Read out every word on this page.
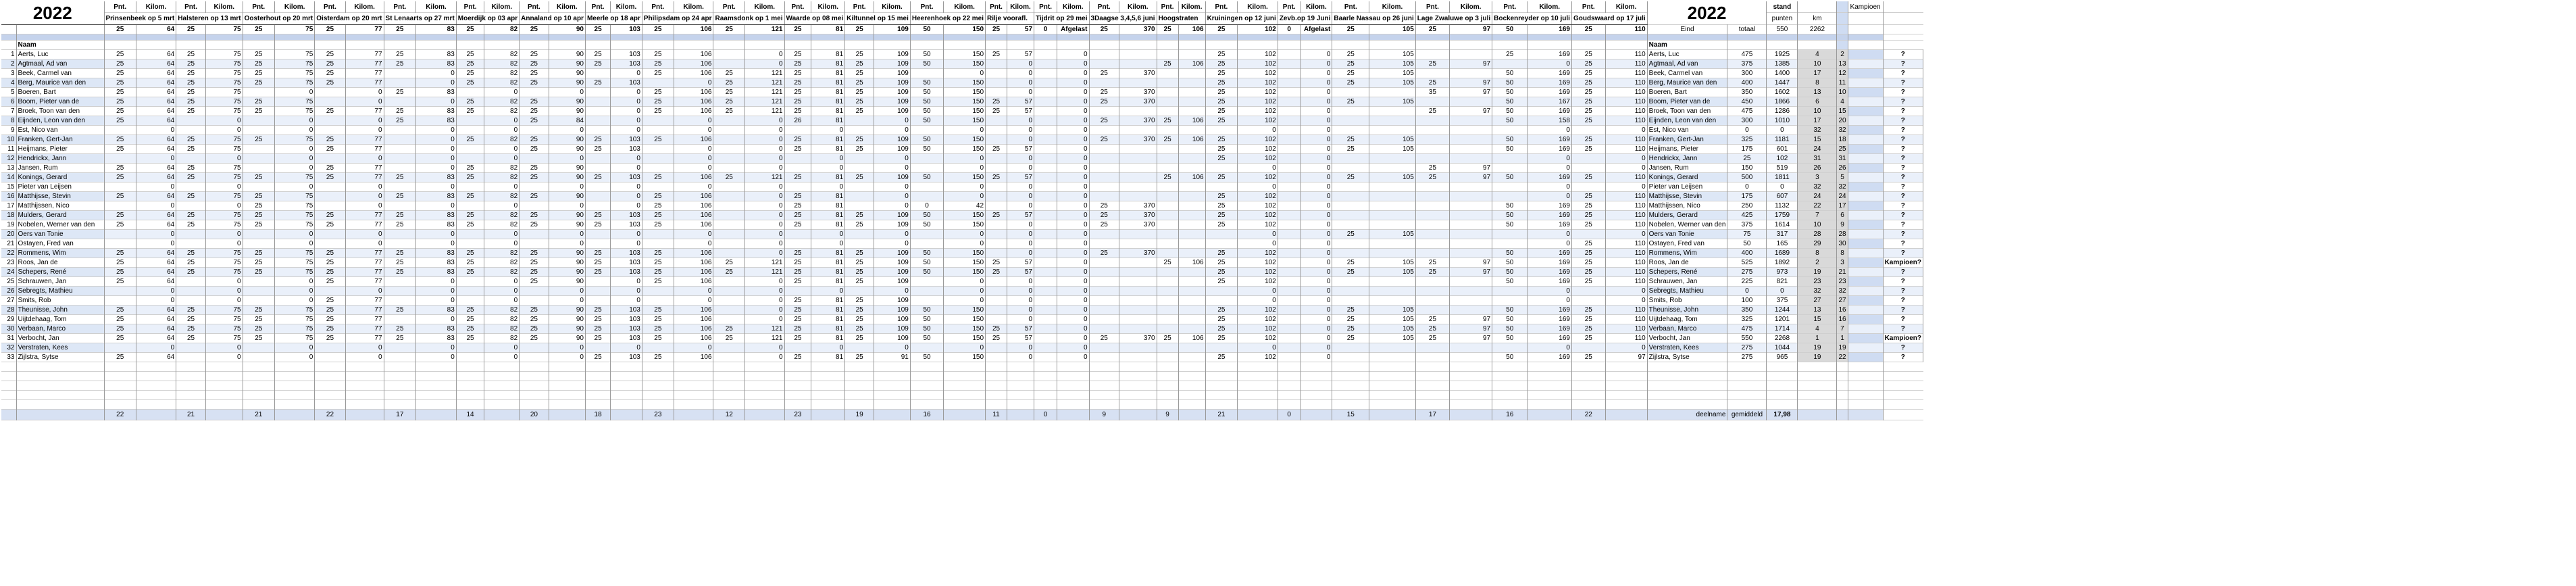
2022		Pnt.	Kilom.	Pnt.	Kilom.	Pnt.	Kilom.	Pnt.	Kilom.	Pnt.	Kilom.	Pnt.	Kilom.	Pnt.	Kilom.	Pnt.	Kilom.	Pnt.	Kilom.	Pnt.	Kilom.	Pnt.	Kilom.	Pnt.	Kilom.	Pnt.	Kilom.	Pnt.	Kilom.	Pnt.	Kilom.	Pnt.	Kilom.	Pnt.	Kilom.	Pnt.	Kilom.	Pnt.	Kilom.	Pnt.	Kilom.	Pnt.	Kilom.	Pnt.	Kilom.	Pnt.	Kilom.	2022		stand			Kampioen	
		Prinsenbeek op 5 mrt		Halsteren op 13 mrt		Oosterhout op 20 mrt		Oisterdam op 20 mrt		St Lenaarts op 27 mrt		Moerdijk op 03 apr		Annaland op 10 apr		Meerle op 18 apr		Philipsdam op 24 apr		Raamsdonk op 1 mei		Waarde op 08 mei		Kiltunnel op 15 mei		Heerenhoek op 22 mei		Rilje voorafl.		Tijdrit op 29 mei		3Daagse 3,4,5,6 juni		Hoogstraten		Kruiningen op 12 juni		Zevb.op 19 Juni		Baarle Nassau op 26 juni		Lage Zwaluwe op 3 juli		Bockenreyder op 10 juli		Goudswaard op 17 juli				punten	km			
		25	64	25	75	25	75	25	77	25	83	25	82	25	90	25	103	25	106	25	121	25	81	25	109	50	150	25	57	0	Afgelast	25	370	25	106	25	102	0	Afgelast	25	105	25	97	50	169	25	110	Eind	totaal	550	2262			

	Naam																																															Naam						
1	Aerts, Luc	25	64	25	75	25	75	25	77	25	83	25	82	25	90	25	103	25	106		0	25	81	25	109	50	150	25	57		0					25	102		0	25	105			25	169	25	110	Aerts, Luc	475	1925	4	2		?
2	Agtmaal, Ad van	25	64	25	75	25	75	25	77	25	83	25	82	25	90	25	103	25	106		0	25	81	25	109	50	150		0		0			25	106	25	102		0	25	105	25	97		0	25	110	Agtmaal, Ad van	375	1385	10	13		?
3	Beek, Carmel van	25	64	25	75	25	75	25	77		0	25	82	25	90		0	25	106	25	121	25	81	25	109		0		0		0	25	370			25	102		0	25	105			50	169	25	110	Beek, Carmel van	300	1400	17	12		?
4	Berg, Maurice van den	25	64	25	75	25	75	25	77		0	25	82	25	90	25	103		0	25	121	25	81	25	109	50	150		0		0					25	102		0	25	105	25	97	50	169	25	110	Berg, Maurice van den	400	1447	8	11		?
5	Boeren, Bart	25	64	25	75		0		0	25	83		0		0		0	25	106	25	121	25	81	25	109	50	150		0		0	25	370			25	102		0			35	97	50	169	25	110	Boeren, Bart	350	1602	13	10		?
6	Boom, Pieter van de	25	64	25	75	25	75		0		0	25	82	25	90		0	25	106	25	121	25	81	25	109	50	150	25	57		0	25	370			25	102		0	25	105			50	167	25	110	Boom, Pieter van de	450	1866	6	4		?
7	Broek, Toon van den	25	64	25	75	25	75	25	77	25	83	25	82	25	90		0	25	106	25	121	25	81	25	109	50	150	25	57		0					25	102		0			25	97	50	169	25	110	Broek, Toon van den	475	1286	10	15		?
8	Eijnden, Leon van den	25	64		0		0		0	25	83		0	25	84		0		0		0	26	81		0	50	150		0		0	25	370	25	106	25	102		0					50	158	25	110	Eijnden, Leon van den	300	1010	17	20		?
9	Est, Nico van		0		0		0		0		0		0		0		0		0		0		0		0		0		0		0						0		0						0		0	Est, Nico van	0	0	32	32		?
10	Franken, Gert-Jan	25	64	25	75	25	75	25	77		0	25	82	25	90	25	103	25	106		0	25	81	25	109	50	150		0		0	25	370	25	106	25	102		0	25	105			50	169	25	110	Franken, Gert-Jan	325	1181	15	18		?
11	Heijmans, Pieter	25	64	25	75		0	25	77		0		0	25	90	25	103		0		0	25	81	25	109	50	150	25	57		0					25	102		0	25	105			50	169	25	110	Heijmans, Pieter	175	601	24	25		?
12	Hendrickx, Jann		0		0		0		0		0		0		0		0		0		0		0		0		0		0		0					25	102		0						0		0	Hendrickx, Jann	25	102	31	31		?
13	Jansen, Rum	25	64	25	75		0	25	77		0	25	82	25	90		0		0		0		0		0		0		0		0						0		0			25	97		0		0	Jansen, Rum	150	519	26	26		?
14	Konings, Gerard	25	64	25	75	25	75	25	77	25	83	25	82	25	90	25	103	25	106	25	121	25	81	25	109	50	150	25	57		0			25	106	25	102		0	25	105	25	97	50	169	25	110	Konings, Gerard	500	1811	3	5		?
15	Pieter van Leijsen		0		0		0		0		0		0		0		0		0		0		0		0		0		0		0						0		0						0		0	Pieter van Leijsen	0	0	32	32		?
16	Matthijsse, Stevin	25	64	25	75	25	75		0	25	83	25	82	25	90		0	25	106		0	25	81		0		0		0		0					25	102		0						0	25	110	Matthijsse, Stevin	175	607	24	24		?
17	Matthijssen, Nico		0		0	25	75		0		0		0		0		0	25	106		0	25	81		0	0	42		0		0	25	370			25	102		0					50	169	25	110	Matthijssen, Nico	250	1132	22	17		?
18	Mulders, Gerard	25	64	25	75	25	75	25	77	25	83	25	82	25	90	25	103	25	106		0	25	81	25	109	50	150	25	57		0	25	370			25	102		0					50	169	25	110	Mulders, Gerard	425	1759	7	6		?
19	Nobelen, Werner van den	25	64	25	75	25	75	25	77	25	83	25	82	25	90	25	103	25	106		0	25	81	25	109	50	150		0		0	25	370			25	102		0					50	169	25	110	Nobelen, Werner van den	375	1614	10	9		?
20	Oers van Tonie		0		0		0		0		0		0		0		0		0		0		0		0		0		0		0						0		0	25	105				0		0	Oers van Tonie	75	317	28	28		?
21	Ostayen, Fred van		0		0		0		0		0		0		0		0		0		0		0		0		0		0		0						0		0						0	25	110	Ostayen, Fred van	50	165	29	30		?
22	Rommens, Wim	25	64	25	75	25	75	25	77	25	83	25	82	25	90	25	103	25	106		0	25	81	25	109	50	150		0		0	25	370			25	102		0					50	169	25	110	Rommens, Wim	400	1689	8	8		?
23	Roos, Jan de	25	64	25	75	25	75	25	77	25	83	25	82	25	90	25	103	25	106	25	121	25	81	25	109	50	150	25	57		0			25	106	25	102		0	25	105	25	97	50	169	25	110	Roos, Jan de	525	1892	2	3		Kampioen?
24	Schepers, René	25	64	25	75	25	75	25	77	25	83	25	82	25	90	25	103	25	106	25	121	25	81	25	109	50	150	25	57		0					25	102		0	25	105	25	97	50	169	25	110	Schepers, René	275	973	19	21		?
25	Schrauwen, Jan	25	64		0		0	25	77		0		0	25	90		0	25	106		0	25	81	25	109		0		0		0					25	102		0					50	169	25	110	Schrauwen, Jan	225	821	23	23		?
26	Sebregts, Mathieu		0		0		0		0		0		0		0		0		0		0		0		0		0		0		0						0		0						0		0	Sebregts, Mathieu	0	0	32	32		?
27	Smits, Rob		0		0		0	25	77		0		0		0		0		0		0	25	81	25	109		0		0		0						0		0						0		0	Smits, Rob	100	375	27	27		?
28	Theunisse, John	25	64	25	75	25	75	25	77	25	83	25	82	25	90	25	103	25	106		0	25	81	25	109	50	150		0		0					25	102		0	25	105			50	169	25	110	Theunisse, John	350	1244	13	16		?
29	Uijtdehaag, Tom	25	64	25	75	25	75	25	77		0	25	82	25	90	25	103	25	106		0	25	81	25	109	50	150		0		0					25	102		0	25	105	25	97	50	169	25	110	Uijtdehaag, Tom	325	1201	15	16		?
30	Verbaan, Marco	25	64	25	75	25	75	25	77	25	83	25	82	25	90	25	103	25	106	25	121	25	81	25	109	50	150	25	57		0					25	102		0	25	105	25	97	50	169	25	110	Verbaan, Marco	475	1714	4	7		?
31	Verbocht, Jan	25	64	25	75	25	75	25	77	25	83	25	82	25	90	25	103	25	106	25	121	25	81	25	109	50	150	25	57		0	25	370	25	106	25	102		0	25	105	25	97	50	169	25	110	Verbocht, Jan	550	2268	1	1		Kampioen?
32	Verstraten, Kees		0		0		0		0		0		0		0		0		0		0		0		0		0		0		0						0		0						0		0	Verstraten, Kees	275	1044	19	19		?
33	Zijlstra, Sytse	25	64		0		0		0		0		0		0	25	103	25	106		0	25	81	25	91	50	150		0		0					25	102		0					50	169	25	97	Zijlstra, Sytse	275	965	19	22		?

		22		21		21		22		17		14		20		18		23		12		23		19		16		11		0		9		9		21		0		15		17		16		22		deelname	gemiddeld	17,98				
